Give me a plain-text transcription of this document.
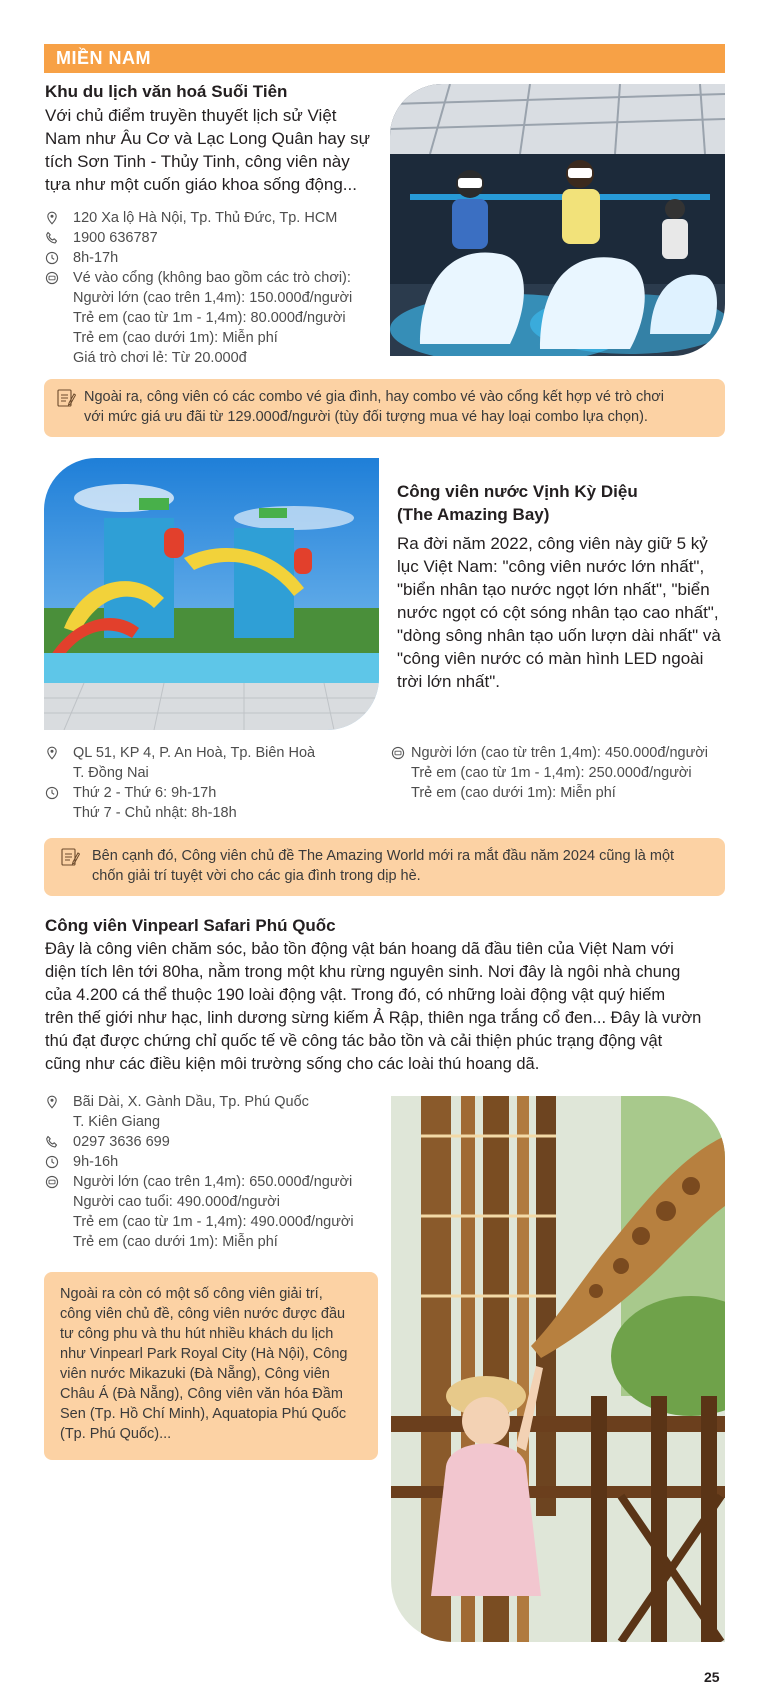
MIỀN NAM
Khu du lịch văn hoá Suối Tiên
Với chủ điểm truyền thuyết lịch sử Việt
Nam như Âu Cơ và Lạc Long Quân hay sự
tích Sơn Tinh - Thủy Tinh, công viên này
tựa như một cuốn giáo khoa sống động...
120 Xa lộ Hà Nội, Tp. Thủ Đức, Tp. HCM
1900 636787
8h-17h
Vé vào cổng (không bao gồm các trò chơi):
Người lớn (cao trên 1,4m): 150.000đ/người
Trẻ em (cao từ 1m - 1,4m): 80.000đ/người
Trẻ em (cao dưới 1m): Miễn phí
Giá trò chơi lẻ: Từ 20.000đ
Ngoài ra, công viên có các combo vé gia đình, hay combo vé vào cổng kết hợp vé trò chơi
với mức giá ưu đãi từ 129.000đ/người (tùy đối tượng mua vé hay loại combo lựa chọn).
Công viên nước Vịnh Kỳ Diệu
(The Amazing Bay)
Ra đời năm 2022, công viên này giữ 5 kỷ
lục Việt Nam: "công viên nước lớn nhất",
"biển nhân tạo nước ngọt lớn nhất", "biển
nước ngọt có cột sóng nhân tạo cao nhất",
"dòng sông nhân tạo uốn lượn dài nhất" và
"công viên nước có màn hình LED ngoài
trời lớn nhất".
QL 51, KP 4, P. An Hoà, Tp. Biên Hoà
T. Đồng Nai
Thứ 2 - Thứ 6: 9h-17h
Thứ 7 - Chủ nhật: 8h-18h
Người lớn (cao từ trên 1,4m): 450.000đ/người
Trẻ em (cao từ 1m - 1,4m): 250.000đ/người
Trẻ em (cao dưới 1m): Miễn phí
Bên cạnh đó, Công viên chủ đề The Amazing World mới ra mắt đầu năm 2024 cũng là một
chốn giải trí tuyệt vời cho các gia đình trong dịp hè.
Công viên Vinpearl Safari Phú Quốc
Đây là công viên chăm sóc, bảo tồn động vật bán hoang dã đầu tiên của Việt Nam với
diện tích lên tới 80ha, nằm trong một khu rừng nguyên sinh. Nơi đây là ngôi nhà chung
của 4.200 cá thể thuộc 190 loài động vật. Trong đó, có những loài động vật quý hiếm
trên thế giới như hạc, linh dương sừng kiếm Ả Rập, thiên nga trắng cổ đen... Đây là vườn
thú đạt được chứng chỉ quốc tế về công tác bảo tồn và cải thiện phúc trạng động vật
cũng như các điều kiện môi trường sống cho các loài thú hoang dã.
Bãi Dài, X. Gành Dầu, Tp. Phú Quốc
T. Kiên Giang
0297 3636 699
9h-16h
Người lớn (cao trên 1,4m): 650.000đ/người
Người cao tuổi: 490.000đ/người
Trẻ em (cao từ 1m - 1,4m): 490.000đ/người
Trẻ em (cao dưới 1m): Miễn phí
Ngoài ra còn có một số công viên giải trí,
công viên chủ đề, công viên nước được đầu
tư công phu và thu hút nhiều khách du lịch
như Vinpearl Park Royal City (Hà Nội), Công
viên nước Mikazuki (Đà Nẵng), Công viên
Châu Á (Đà Nẵng), Công viên văn hóa Đầm
Sen (Tp. Hồ Chí Minh), Aquatopia Phú Quốc
(Tp. Phú Quốc)...
25
